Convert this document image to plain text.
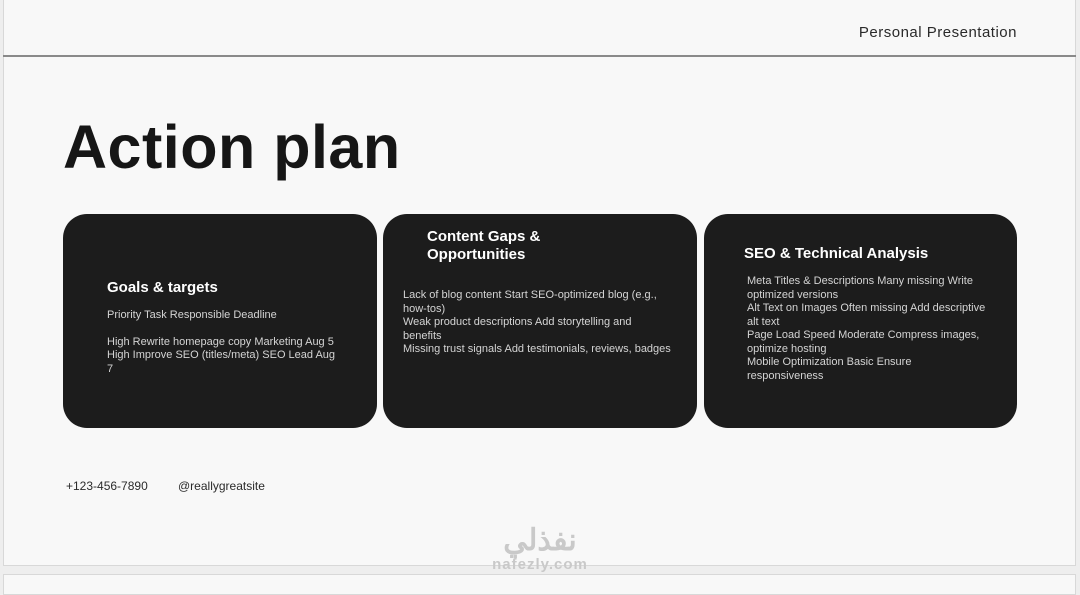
Personal Presentation
Action plan
Goals & targets

Priority Task Responsible Deadline

High Rewrite homepage copy Marketing Aug 5

High Improve SEO (titles/meta) SEO Lead Aug 7

Content Gaps & Opportunities

Lack of blog content Start SEO-optimized blog (e.g., how-tos)

Weak product descriptions Add storytelling and benefits

Missing trust signals Add testimonials, reviews, badges

SEO & Technical Analysis

Meta Titles & Descriptions Many missing Write optimized versions

Alt Text on Images Often missing Add descriptive alt text

Page Load Speed Moderate Compress images, optimize hosting

Mobile Optimization Basic Ensure responsiveness

+123-456-7890	@reallygreatsite
نفذلي
nafezly.com
